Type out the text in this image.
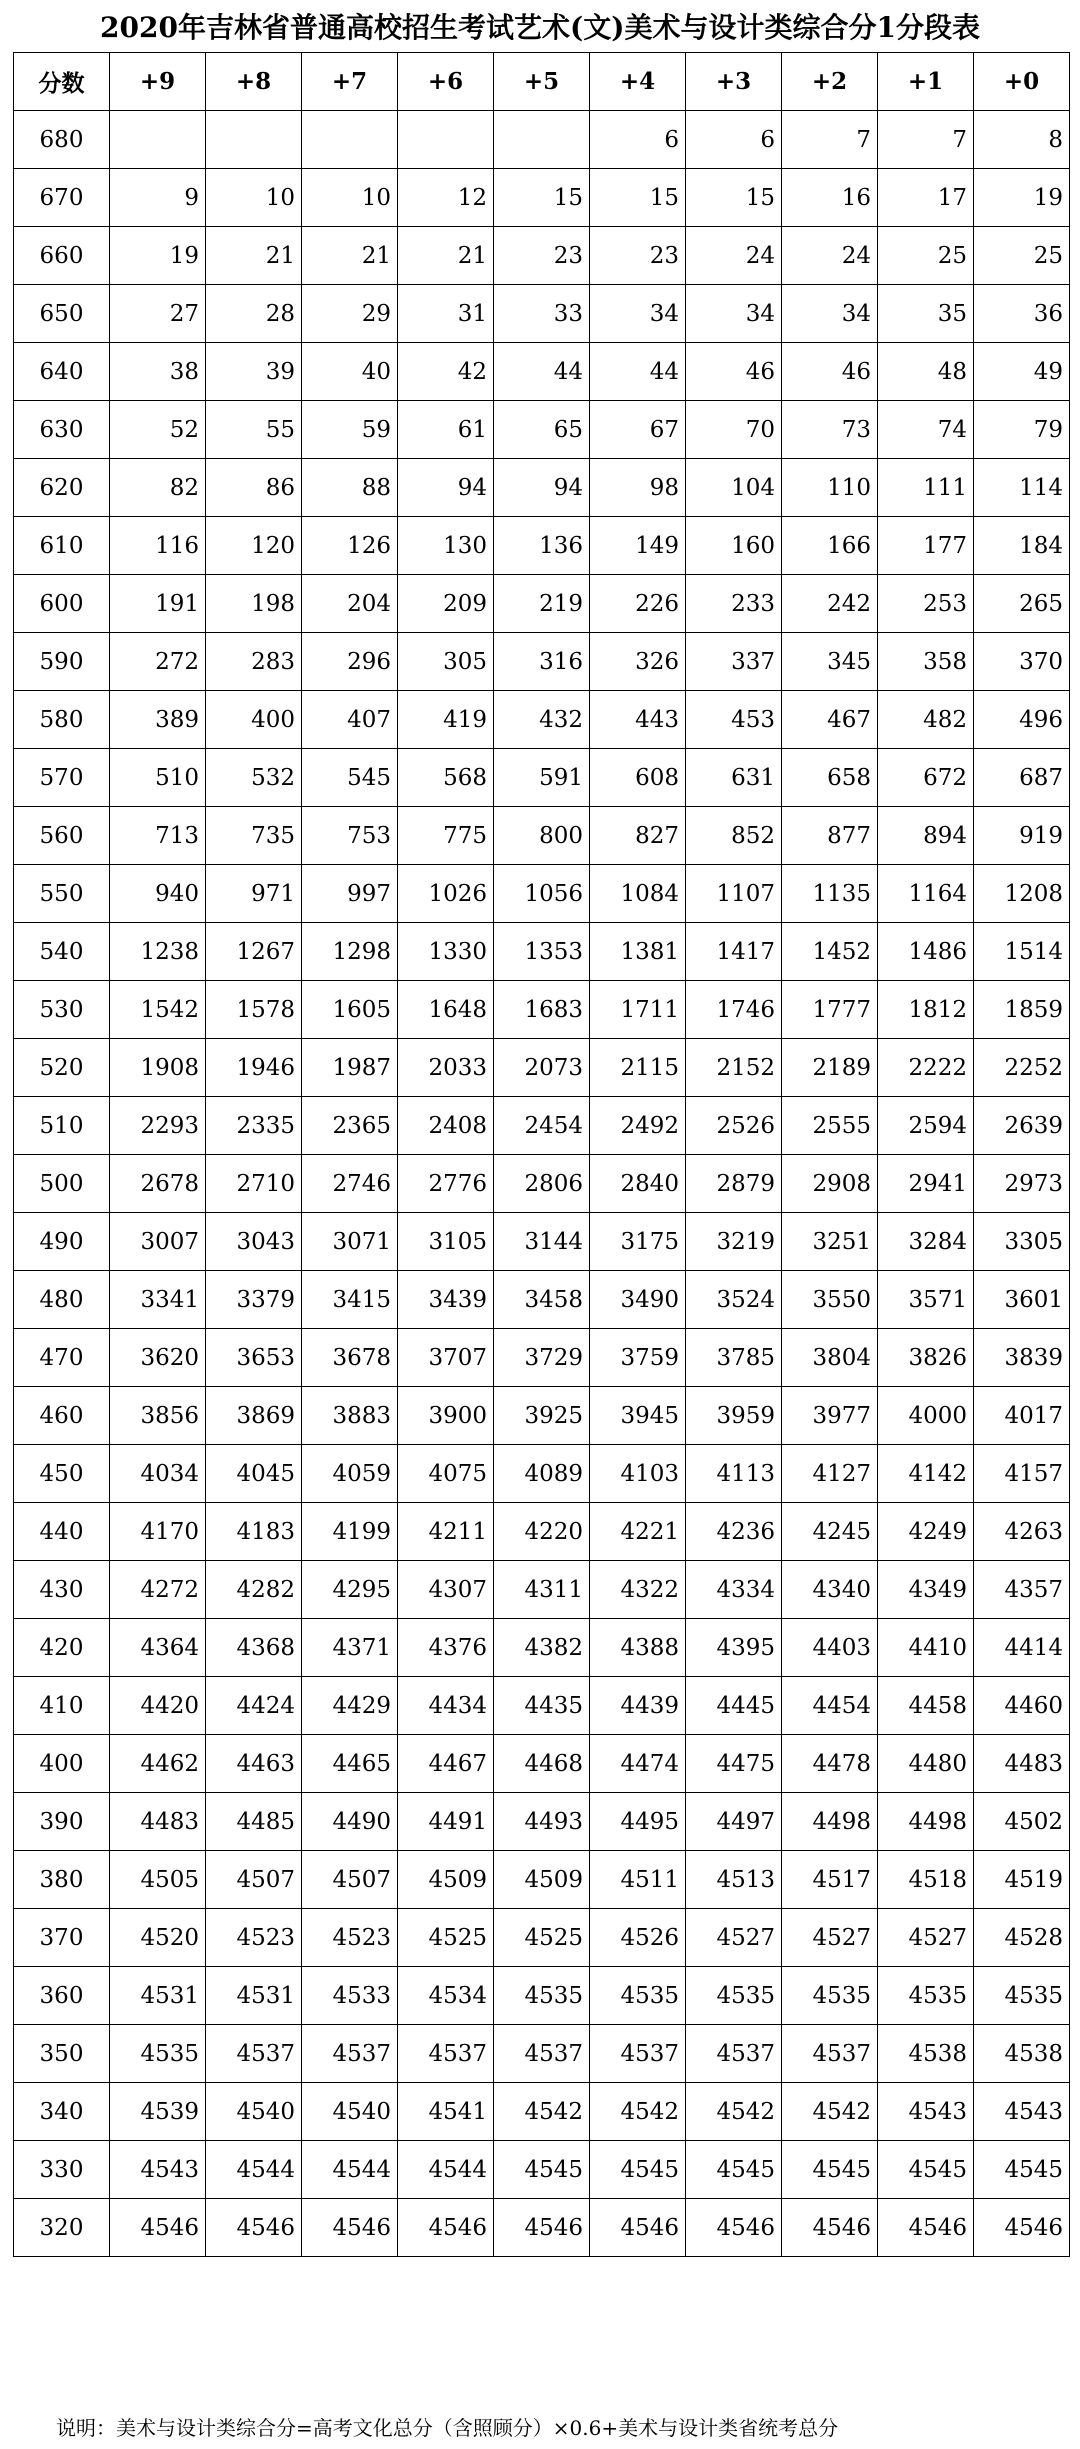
2020年吉林省普通高校招生考试艺术(文)美术与设计类综合分1分段表
分数	+9	+8	+7	+6	+5	+4	+3	+2	+1	+0
680						6	6	7	7	8
670	9	10	10	12	15	15	15	16	17	19
660	19	21	21	21	23	23	24	24	25	25
650	27	28	29	31	33	34	34	34	35	36
640	38	39	40	42	44	44	46	46	48	49
630	52	55	59	61	65	67	70	73	74	79
620	82	86	88	94	94	98	104	110	111	114
610	116	120	126	130	136	149	160	166	177	184
600	191	198	204	209	219	226	233	242	253	265
590	272	283	296	305	316	326	337	345	358	370
580	389	400	407	419	432	443	453	467	482	496
570	510	532	545	568	591	608	631	658	672	687
560	713	735	753	775	800	827	852	877	894	919
550	940	971	997	1026	1056	1084	1107	1135	1164	1208
540	1238	1267	1298	1330	1353	1381	1417	1452	1486	1514
530	1542	1578	1605	1648	1683	1711	1746	1777	1812	1859
520	1908	1946	1987	2033	2073	2115	2152	2189	2222	2252
510	2293	2335	2365	2408	2454	2492	2526	2555	2594	2639
500	2678	2710	2746	2776	2806	2840	2879	2908	2941	2973
490	3007	3043	3071	3105	3144	3175	3219	3251	3284	3305
480	3341	3379	3415	3439	3458	3490	3524	3550	3571	3601
470	3620	3653	3678	3707	3729	3759	3785	3804	3826	3839
460	3856	3869	3883	3900	3925	3945	3959	3977	4000	4017
450	4034	4045	4059	4075	4089	4103	4113	4127	4142	4157
440	4170	4183	4199	4211	4220	4221	4236	4245	4249	4263
430	4272	4282	4295	4307	4311	4322	4334	4340	4349	4357
420	4364	4368	4371	4376	4382	4388	4395	4403	4410	4414
410	4420	4424	4429	4434	4435	4439	4445	4454	4458	4460
400	4462	4463	4465	4467	4468	4474	4475	4478	4480	4483
390	4483	4485	4490	4491	4493	4495	4497	4498	4498	4502
380	4505	4507	4507	4509	4509	4511	4513	4517	4518	4519
370	4520	4523	4523	4525	4525	4526	4527	4527	4527	4528
360	4531	4531	4533	4534	4535	4535	4535	4535	4535	4535
350	4535	4537	4537	4537	4537	4537	4537	4537	4538	4538
340	4539	4540	4540	4541	4542	4542	4542	4542	4543	4543
330	4543	4544	4544	4544	4545	4545	4545	4545	4545	4545
320	4546	4546	4546	4546	4546	4546	4546	4546	4546	4546
说明：美术与设计类综合分=高考文化总分（含照顾分）×0.6+美术与设计类省统考总分
